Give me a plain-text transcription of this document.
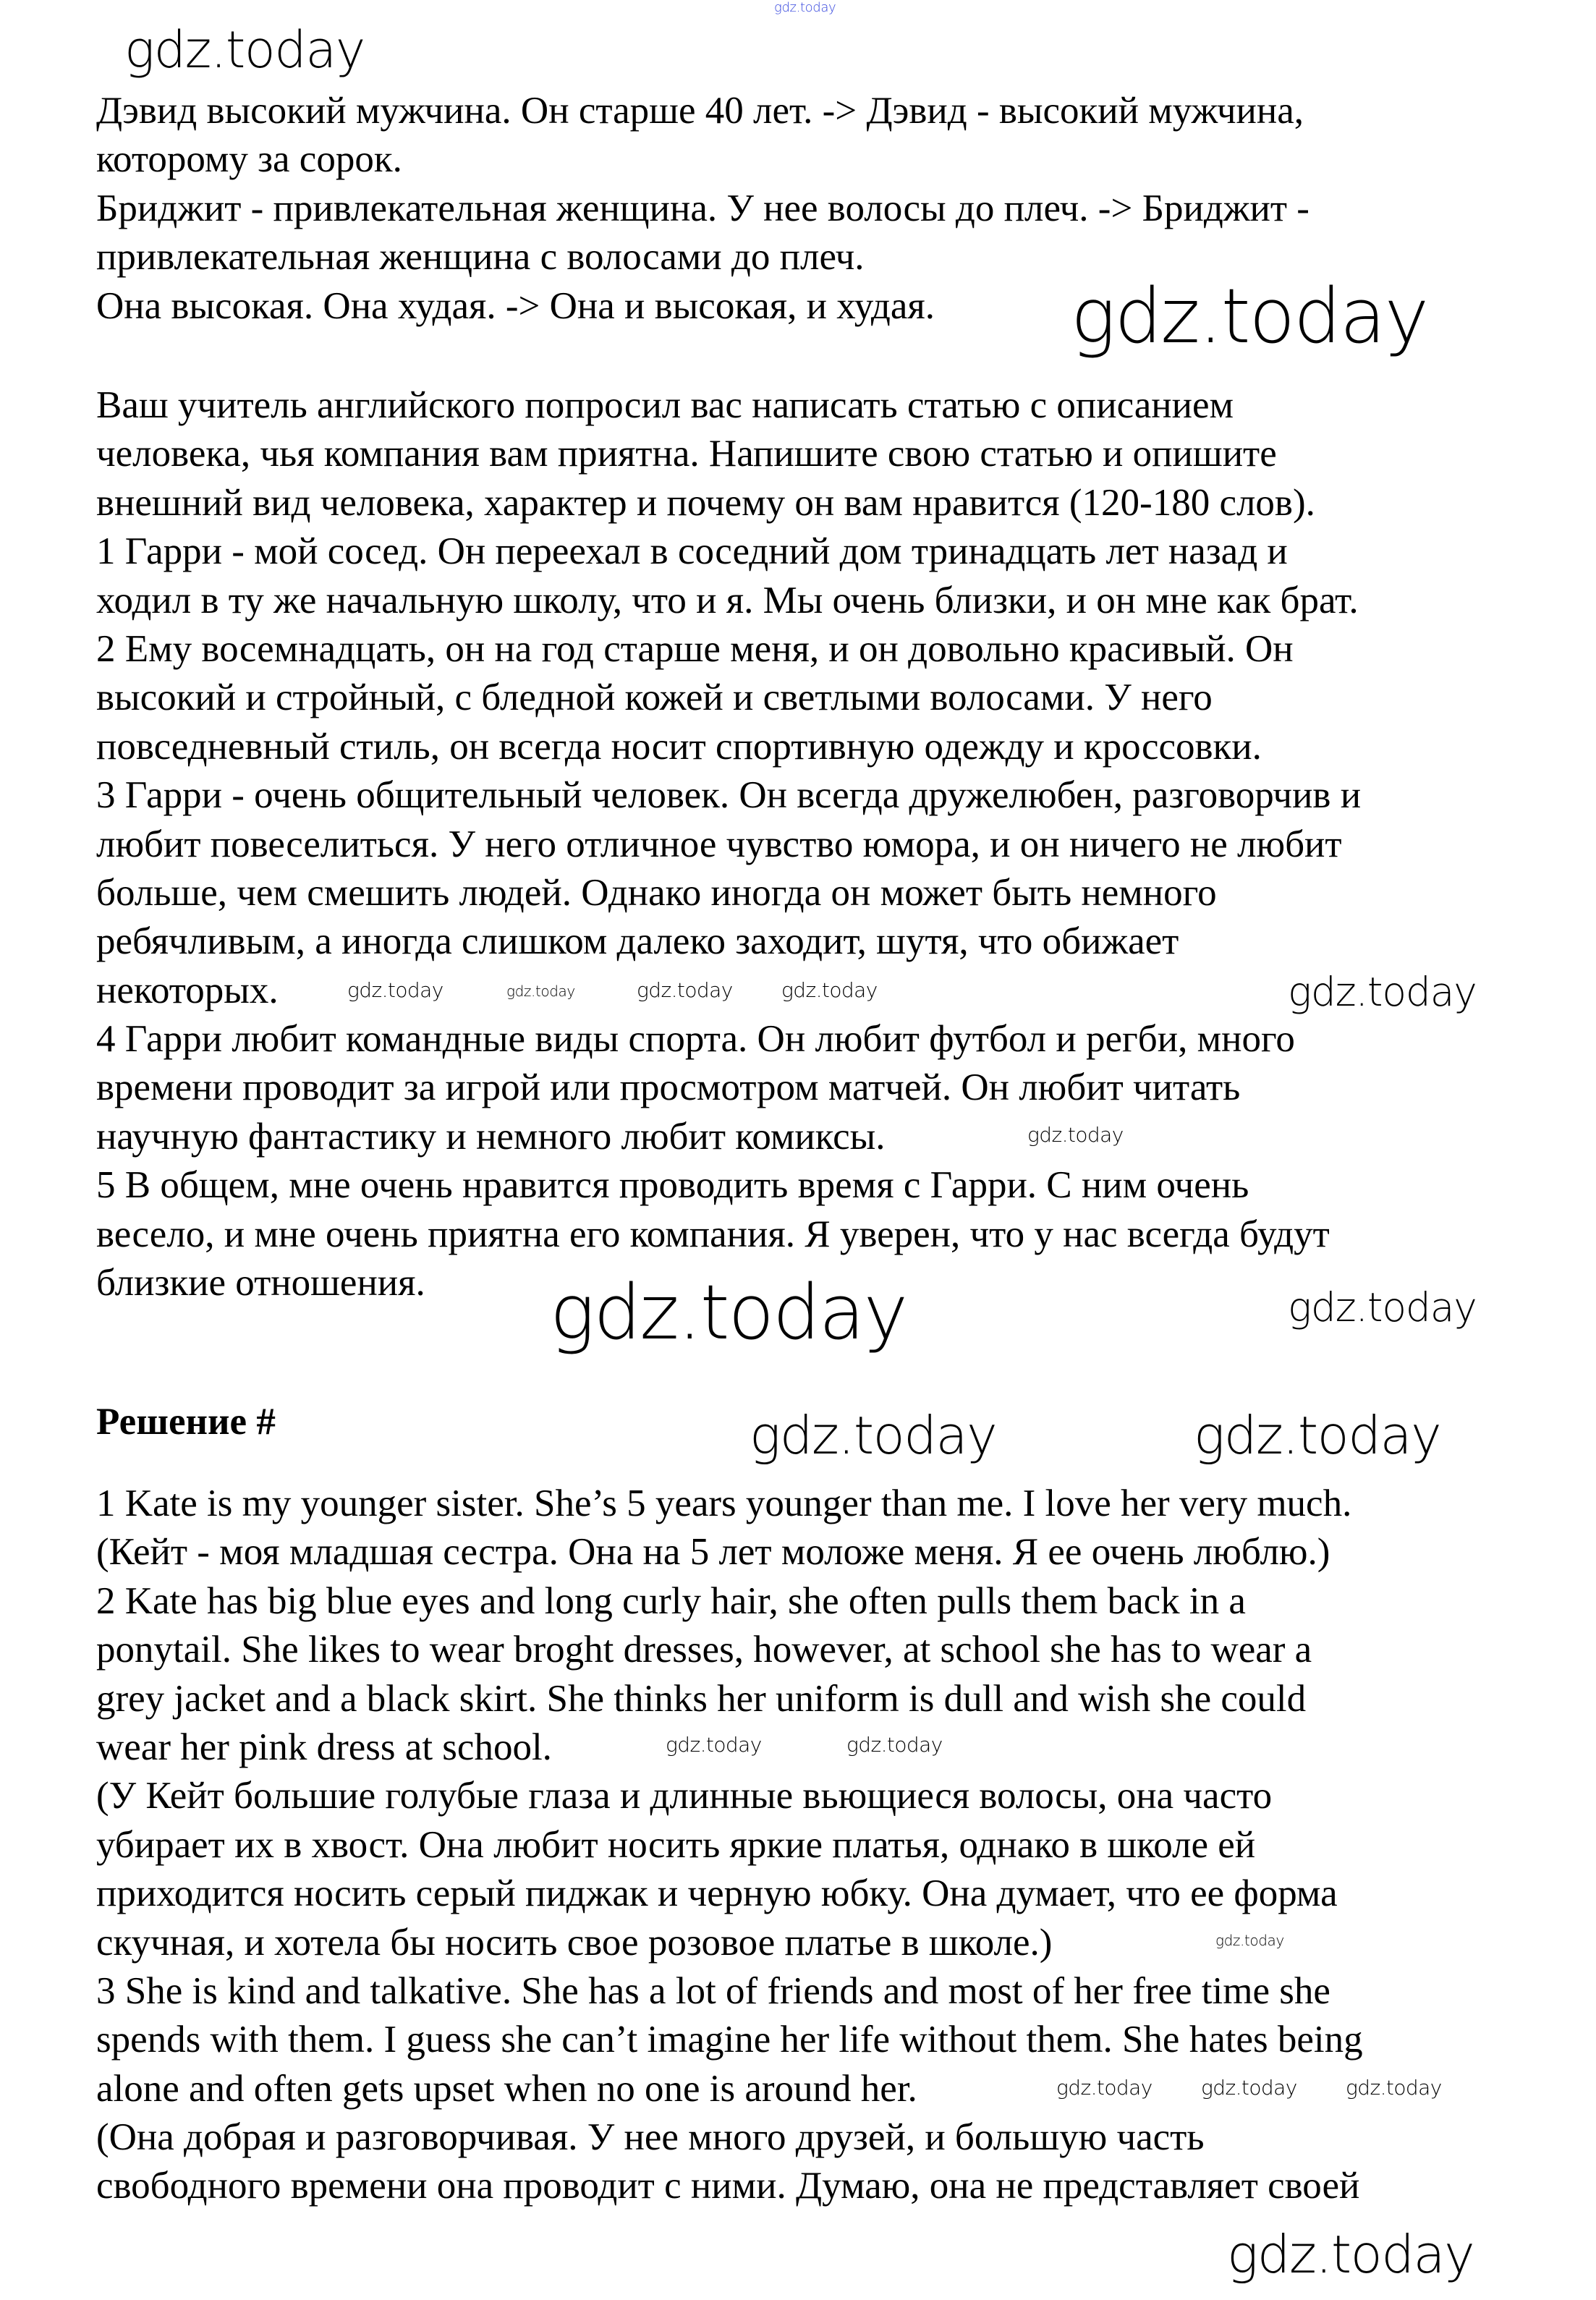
Дэвид высокий мужчина. Он старше 40 лет. -> Дэвид - высокий мужчина,
которому за сорок.
Бриджит - привлекательная женщина. У нее волосы до плеч. -> Бриджит -
привлекательная женщина с волосами до плеч.
Она высокая. Она худая. -> Она и высокая, и худая.
Ваш учитель английского попросил вас написать статью с описанием
человека, чья компания вам приятна. Напишите свою статью и опишите
внешний вид человека, характер и почему он вам нравится (120-180 слов).
1 Гарри - мой сосед. Он переехал в соседний дом тринадцать лет назад и
ходил в ту же начальную школу, что и я. Мы очень близки, и он мне как брат.
2 Ему восемнадцать, он на год старше меня, и он довольно красивый. Он
высокий и стройный, с бледной кожей и светлыми волосами. У него
повседневный стиль, он всегда носит спортивную одежду и кроссовки.
3 Гарри - очень общительный человек. Он всегда дружелюбен, разговорчив и
любит повеселиться. У него отличное чувство юмора, и он ничего не любит
больше, чем смешить людей. Однако иногда он может быть немного
ребячливым, а иногда слишком далеко заходит, шутя, что обижает
некоторых.
4 Гарри любит командные виды спорта. Он любит футбол и регби, много
времени проводит за игрой или просмотром матчей. Он любит читать
научную фантастику и немного любит комиксы.
5 В общем, мне очень нравится проводить время с Гарри. С ним очень
весело, и мне очень приятна его компания. Я уверен, что у нас всегда будут
близкие отношения.
Решение #
1 Kate is my younger sister. She’s 5 years younger than me. I love her very much.
(Кейт - моя младшая сестра. Она на 5 лет моложе меня. Я ее очень люблю.)
2 Kate has big blue eyes and long curly hair, she often pulls them back in a
ponytail. She likes to wear broght dresses, however, at school she has to wear a
grey jacket and a black skirt. She thinks her uniform is dull and wish she could
wear her pink dress at school.
(У Кейт большие голубые глаза и длинные вьющиеся волосы, она часто
убирает их в хвост. Она любит носить яркие платья, однако в школе ей
приходится носить серый пиджак и черную юбку. Она думает, что ее форма
скучная, и хотела бы носить свое розовое платье в школе.)
3 She is kind and talkative. She has a lot of friends and most of her free time she
spends with them. I guess she can’t imagine her life without them. She hates being
alone and often gets upset when no one is around her.
(Она добрая и разговорчивая. У нее много друзей, и большую часть
свободного времени она проводит с ними. Думаю, она не представляет своей
gdz.today
gdz.today
gdz.today
gdz.today	gdz.today	gdz.today gdz.today
gdz.today
gdz.today
gdz.today	gdz.today
gdz.today	gdz.today
gdz.today	gdz.today
gdz.today
gdz.today gdz.today
gdz.today
gdz.today
